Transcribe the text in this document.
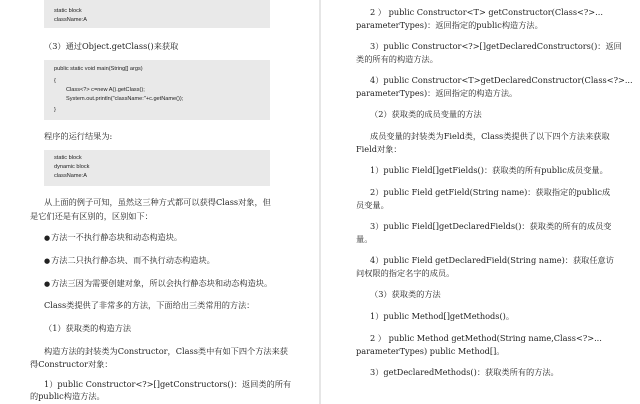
static block
className:A
（3）通过Object.getClass()来获取
public static void main(String[] args)
{
Class<?> c=new A().getClass();
System.out.println("className:"+c.getName());
}
程序的运行结果为:
static block
dynamic block
className:A
从上面的例子可知，虽然这三种方式都可以获得Class对象，但
是它们还是有区别的，区别如下：
● 方法一不执行静态块和动态构造块。
● 方法二只执行静态块、而不执行动态构造块。
● 方法三因为需要创建对象，所以会执行静态块和动态构造块。
Class类提供了非常多的方法，下面给出三类常用的方法：
（1）获取类的构造方法
构造方法的封装类为Constructor，Class类中有如下四个方法来获
得Constructor对象：
1）public Constructor<?>[]getConstructors()：返回类的所有
的public构造方法。
2 ） public Constructor<T> getConstructor(Class<?>...
parameterTypes)：返回指定的public构造方法。
3）public Constructor<?>[]getDeclaredConstructors()：返回
类的所有的构造方法。
4）public Constructor<T>getDeclaredConstructor(Class<?>...
parameterTypes)：返回指定的构造方法。
（2）获取类的成员变量的方法
成员变量的封装类为Field类，Class类提供了以下四个方法来获取
Field对象：
1）public Field[]getFields()：获取类的所有public成员变量。
2）public Field getField(String name)：获取指定的public成
员变量。
3）public Field[]getDeclaredFields()：获取类的所有的成员变
量。
4）public Field getDeclaredField(String name)：获取任意访
问权限的指定名字的成员。
（3）获取类的方法
1）public Method[]getMethods()。
2 ） public Method getMethod(String name,Class<?>...
parameterTypes) public Method[]。
3）getDeclaredMethods()：获取类所有的方法。
